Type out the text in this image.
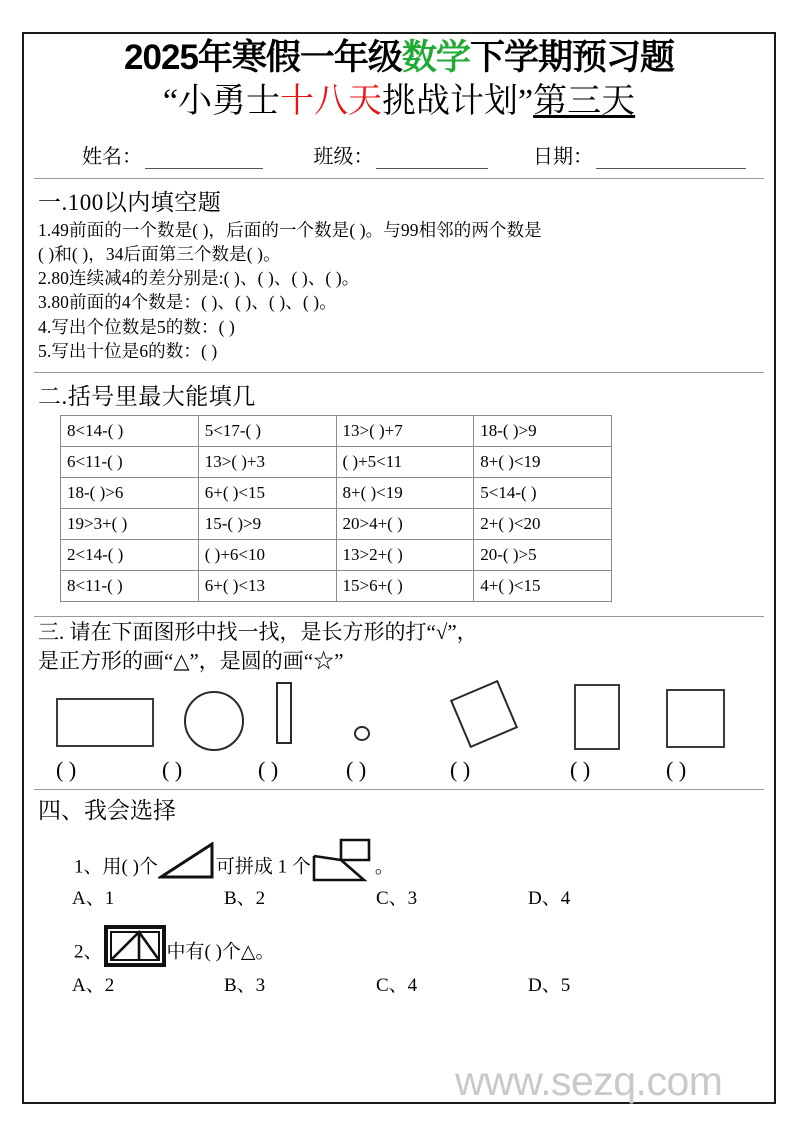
2025年寒假一年级数学下学期预习题
“小勇士十八天挑战计划”第三天
姓名：	班级：	日期：
一.100以内填空题

1.49前面的一个数是( )，后面的一个数是( )。与99相邻的两个数是

( )和( )，34后面第三个数是( )。

2.80连续减4的差分别是:( )、( )、( )、( )。

3.80前面的4个数是：( )、( )、( )、( )。

4.写出个位数是5的数：( )

5.写出十位是6的数：( )

二.括号里最大能填几
8<14-( )	5<17-( )	13>( )+7	18-( )>9
6<11-( )	13>( )+3	( )+5<11	8+( )<19
18-( )>6	6+( )<15	8+( )<19	5<14-( )
19>3+( )	15-( )>9	20>4+( )	2+( )<20
2<14-( )	( )+6<10	13>2+( )	20-( )>5
8<11-( )	6+( )<13	15>6+( )	4+( )<15
三. 请在下面图形中找一找，是长方形的打“√”，
是正方形的画“△”，是圆的画“☆”
( )	( )	( )	( )	( )	( )	( )
四、我会选择
1、用( )个	可拼成 1 个	。
A、1	B、2	C、3	D、4
2、	中有( )个△。
A、2	B、3	C、4	D、5
www.sezq.com
